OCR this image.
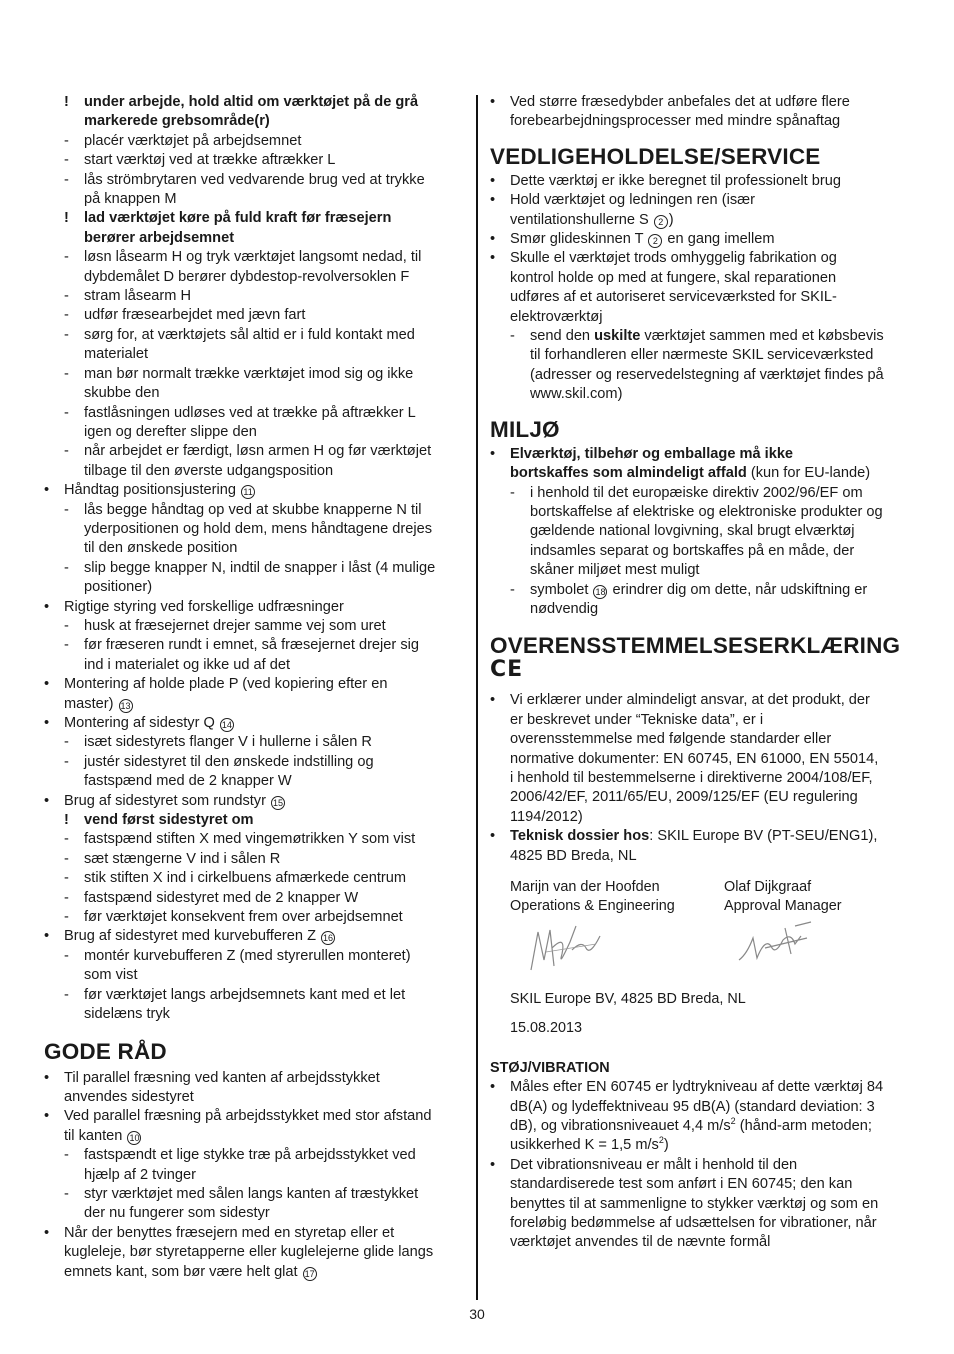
! under arbejde, hold altid om værktøjet på de grå
markerede grebsområde(r)
- placér værktøjet på arbejdsemnet
- start værktøj ved at trække aftrækker L
- lås strömbrytaren ved vedvarende brug ved at trykke
på knappen M
! lad værktøjet køre på fuld kraft før fræsejern
berører arbejdsemnet
- løsn låsearm H og tryk værktøjet langsomt nedad, til
dybdemålet D berører dybdestop-revolversoklen F
- stram låsearm H
- udfør fræsearbejdet med jævn fart
- sørg for, at værktøjets sål altid er i fuld kontakt med
materialet
- man bør normalt trække værktøjet imod sig og ikke
skubbe den
- fastlåsningen udløses ved at trække på aftrækker L
igen og derefter slippe den
- når arbejdet er færdigt, løsn armen H og før værktøjet
tilbage til den øverste udgangsposition
• Håndtag positionsjustering 11
- lås begge håndtag op ved at skubbe knapperne N til
yderpositionen og hold dem, mens håndtagene drejes
til den ønskede position
- slip begge knapper N, indtil de snapper i låst (4 mulige
positioner)
• Rigtige styring ved forskellige udfræsninger
- husk at fræsejernet drejer samme vej som uret
- før fræseren rundt i emnet, så fræsejernet drejer sig
ind i materialet og ikke ud af det
• Montering af holde plade P (ved kopiering efter en
master) 13
• Montering af sidestyr Q 14
- isæt sidestyrets flanger V i hullerne i sålen R
- justér sidestyret til den ønskede indstilling og
fastspænd med de 2 knapper W
• Brug af sidestyret som rundstyr 15
! vend først sidestyret om
- fastspænd stiften X med vingemøtrikken Y som vist
- sæt stængerne V ind i sålen R
- stik stiften X ind i cirkelbuens afmærkede centrum
- fastspænd sidestyret med de 2 knapper W
- før værktøjet konsekvent frem over arbejdsemnet
• Brug af sidestyret med kurvebufferen Z 16
- montér kurvebufferen Z (med styrerullen monteret)
som vist
- før værktøjet langs arbejdsemnets kant med et let
sidelæns tryk
GODE RÅD
• Til parallel fræsning ved kanten af arbejdsstykket
anvendes sidestyret
• Ved parallel fræsning på arbejdsstykket med stor afstand
til kanten 10
- fastspændt et lige stykke træ på arbejdsstykket ved
hjælp af 2 tvinger
- styr værktøjet med sålen langs kanten af træstykket
der nu fungerer som sidestyr
• Når der benyttes fræsejern med en styretap eller et
kugleleje, bør styretapperne eller kuglelejerne glide langs
emnets kant, som bør være helt glat 17
• Ved større fræsedybder anbefales det at udføre flere
forebearbejdningsprocesser med mindre spånaftag
VEDLIGEHOLDELSE/SERVICE
• Dette værktøj er ikke beregnet til professionelt brug
• Hold værktøjet og ledningen ren (især
ventilationshullerne S 2 )
• Smør glideskinnen T 2 en gang imellem
• Skulle el værktøjet trods omhyggelig fabrikation og
kontrol holde op med at fungere, skal reparationen
udføres af et autoriseret serviceværksted for SKIL-
elektroværktøj
- send den uskilte værktøjet sammen med et købsbevis
til forhandleren eller nærmeste SKIL serviceværksted
(adresser og reservedelstegning af værktøjet findes på
www.skil.com)
MILJØ
• Elværktøj, tilbehør og emballage må ikke
bortskaffes som almindeligt affald (kun for EU-lande)
- i henhold til det europæiske direktiv 2002/96/EF om
bortskaffelse af elektriske og elektroniske produkter og
gældende national lovgivning, skal brugt elværktøj
indsamles separat og bortskaffes på en måde, der
skåner miljøet mest muligt
- symbolet 18 erindrer dig om dette, når udskiftning er
nødvendig
OVERENSSTEMMELSESERKLÆRING
CE
• Vi erklærer under almindeligt ansvar, at det produkt, der
er beskrevet under “Tekniske data”, er i
overensstemmelse med følgende standarder eller
normative dokumenter: EN 60745, EN 61000, EN 55014,
i henhold til bestemmelserne i direktiverne 2004/108/EF,
2006/42/EF, 2011/65/EU, 2009/125/EF (EU regulering
1194/2012)
• Teknisk dossier hos: SKIL Europe BV (PT-SEU/ENG1),
4825 BD Breda, NL
Marijn van der Hoofden
Operations & Engineering
Olaf Dijkgraaf
Approval Manager
SKIL Europe BV, 4825 BD Breda, NL
15.08.2013
STØJ/VIBRATION
• Måles efter EN 60745 er lydtrykniveau af dette værktøj 84
dB(A) og lydeffektniveau 95 dB(A) (standard deviation: 3
dB), og vibrationsniveauet 4,4 $m/s^2$ (hånd-arm metoden;
usikkerhed K = 1,5 $m/s^2$)
• Det vibrationsniveau er målt i henhold til den
standardiserede test som anført i EN 60745; den kan
benyttes til at sammenligne to stykker værktøj og som en
foreløbig bedømmelse af udsættelsen for vibrationer, når
værktøjet anvendes til de nævnte formål
30
